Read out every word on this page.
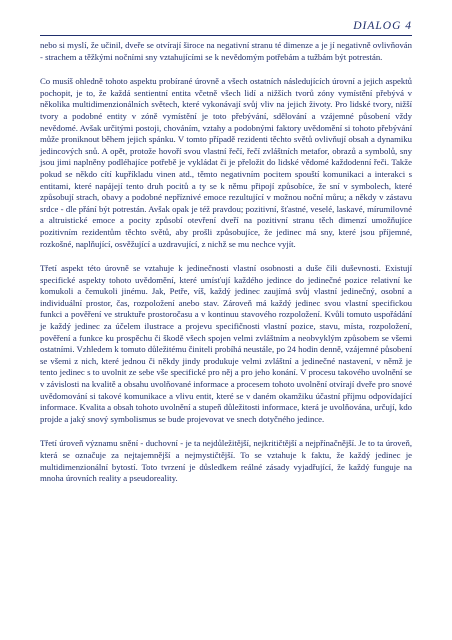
DIALOG 4

nebo si myslí, že učinil, dveře se otvírají široce na negativní stranu té dimenze a je jí negativně ovlivňován - strachem a těžkými nočními sny vztahujícími se k nevědomým potřebám a tužbám být potrestán.

Co musíš ohledně tohoto aspektu probírané úrovně a všech ostatních následujících úrovní a jejich aspektů pochopit, je to, že každá sentientní entita včetně všech lidí a nižších tvorů zóny vymístění přebývá v několika multidimenzionálních světech, které vykonávají svůj vliv na jejich životy. Pro lidské tvory, nižší tvory a podobné entity v zóně vymístění je toto přebývání, sdělování a vzájemné působení vždy nevědomé. Avšak určitými postoji, chováním, vztahy a podobnými faktory uvědomění si tohoto přebývání může proniknout během jejich spánku. V tomto případě rezidenti těchto světů ovlivňují obsah a dynamiku jedincových snů. A opět, protože hovoří svou vlastní řečí, řečí zvláštních metafor, obrazů a symbolů, sny jsou jimi naplněny podléhajíce potřebě je vykládat či je přeložit do lidské vědomé každodenní řeči. Takže pokud se někdo cítí kupříkladu vinen atd., těmto negativním pocitem spouští komunikaci a interakci s entitami, které napájejí tento druh pocitů a ty se k němu připojí způsobíce, že sní v symbolech, které způsobují strach, obavy a podobné nepříznivé emoce rezultující v možnou noční můru; a někdy v zástavu srdce - dle přání být potrestán. Avšak opak je též pravdou; pozitivní, šťastné, veselé, laskavé, mírumilovné a altruistické emoce a pocity způsobí otevření dveří na pozitivní stranu těch dimenzí umožňujíce pozitivním rezidentům těchto světů, aby prošli způsobujíce, že jedinec má sny, které jsou příjemné, rozkošné, naplňující, osvěžující a uzdravující, z nichž se mu nechce vyjít.

Třetí aspekt této úrovně se vztahuje k jedinečnosti vlastní osobnosti a duše čili duševnosti. Existují specifické aspekty tohoto uvědomění, které umísťují každého jedince do jedinečné pozice relativní ke komukoli a čemukoli jinému. Jak, Petře, víš, každý jedinec zaujímá svůj vlastní jedinečný, osobní a individuální prostor, čas, rozpoložení anebo stav. Zároveň má každý jedinec svou vlastní specifickou funkci a pověření ve struktuře prostoročasu a v kontinuu stavového rozpoložení. Kvůli tomuto uspořádání je každý jedinec za účelem ilustrace a projevu specifičnosti vlastní pozice, stavu, místa, rozpoložení, pověření a funkce ku prospěchu či škodě všech spojen velmi zvláštním a neobvyklým způsobem se všemi ostatními. Vzhledem k tomuto důležitému činiteli probíhá neustále, po 24 hodin denně, vzájemné působení se všemi z nich, které jednou či někdy jindy produkuje velmi zvláštní a jedinečné nastavení, v němž je tento jedinec s to uvolnit ze sebe vše specifické pro něj a pro jeho konání. V procesu takového uvolnění se v závislosti na kvalitě a obsahu uvolňované informace a procesem tohoto uvolnění otvírají dveře pro snové uvědomování si takové komunikace a vlivu entit, které se v daném okamžiku účastní příjmu odpovídající informace. Kvalita a obsah tohoto uvolnění a stupeň důležitosti informace, která je uvolňována, určují, kdo projde a jaký snový symbolismus se bude projevovat ve snech dotyčného jedince.

Třetí úroveň významu snění - duchovní - je ta nejdůležitější, nejkritičtější a nejpřínačnější. Je to ta úroveň, která se označuje za nejtajemnější a nejmystičtější. To se vztahuje k faktu, že každý jedinec je multidimenzionální bytostí. Toto tvrzení je důsledkem reálné zásady vyjadřující, že každý funguje na mnoha úrovních reality a pseudoreality.
